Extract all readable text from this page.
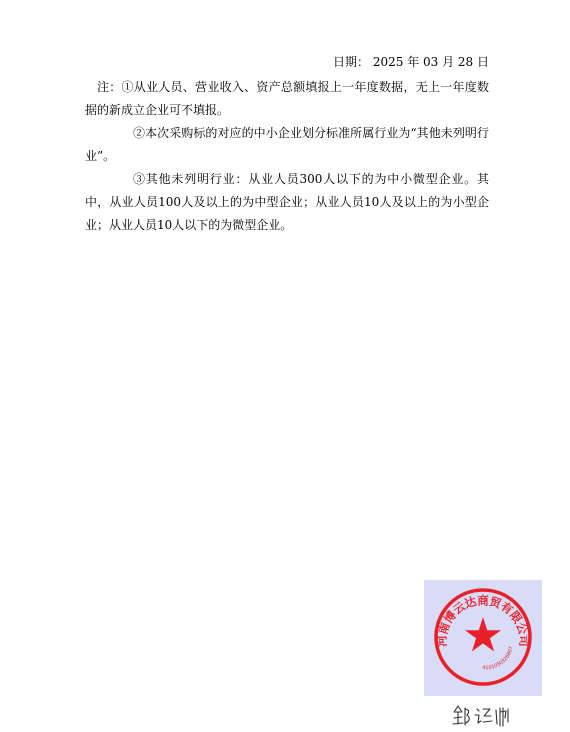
日期： 2025 年 03 月 28 日

注：①从业人员、营业收入、资产总额填报上一年度数据，无上一年度数据的新成立企业可不填报。

②本次采购标的对应的中小企业划分标准所属行业为“其他未列明行业”。

③其他未列明行业：从业人员300人以下的为中小微型企业。其中，从业人员100人及以上的为中型企业；从业人员10人及以上的为小型企业；从业人员10人以下的为微型企业。

河南博云达商贸有限公司
4101050326807
